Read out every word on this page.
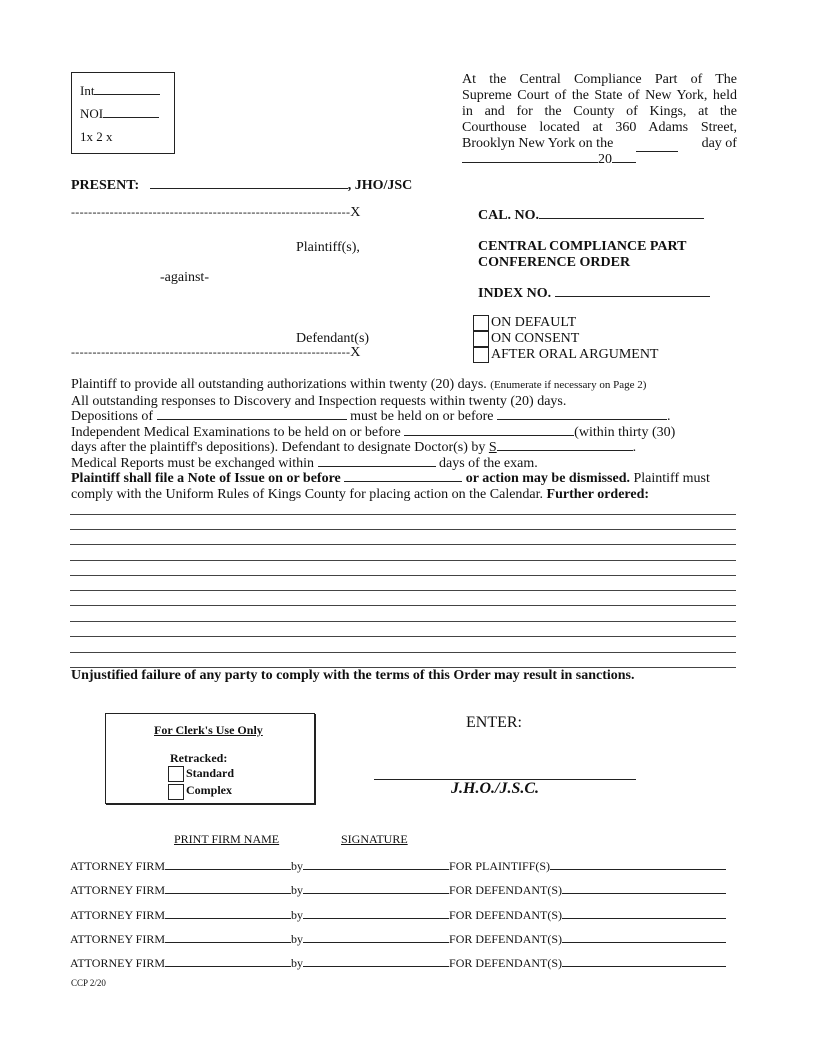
Int
NOI
1x 2 x
At the Central Compliance Part of The
Supreme Court of the State of New York, held
in and for the County of Kings, at the
Courthouse located at 360 Adams Street,
Brooklyn New York on the	day of
20
PRESENT:	, JHO/JSC
-----------------------------------------------------------------X
Plaintiff(s),
-against-
Defendant(s)
-----------------------------------------------------------------X
CAL. NO.
CENTRAL COMPLIANCE PART
CONFERENCE ORDER
INDEX NO.
ON DEFAULT
ON CONSENT
AFTER ORAL ARGUMENT
Plaintiff to provide all outstanding authorizations within twenty (20) days. (Enumerate if necessary on Page 2)
All outstanding responses to Discovery and Inspection requests within twenty (20) days.
Depositions of	must be held on or before	.
Independent Medical Examinations to be held on or before	(within thirty (30)
days after the plaintiff's depositions). Defendant to designate Doctor(s) by S	.
Medical Reports must be exchanged within	days of the exam.
Plaintiff shall file a Note of Issue on or before	or action may be dismissed. Plaintiff must
comply with the Uniform Rules of Kings County for placing action on the Calendar. Further ordered:
Unjustified failure of any party to comply with the terms of this Order may result in sanctions.
For Clerk's Use Only
Retracked:
Standard
Complex
ENTER:
J.H.O./J.S.C.
PRINT FIRM NAME	SIGNATURE
ATTORNEY FIRM	by	FOR PLAINTIFF(S)
ATTORNEY FIRM	by	FOR DEFENDANT(S)
ATTORNEY FIRM	by	FOR DEFENDANT(S)
ATTORNEY FIRM	by	FOR DEFENDANT(S)
ATTORNEY FIRM	by	FOR DEFENDANT(S)
CCP 2/20
